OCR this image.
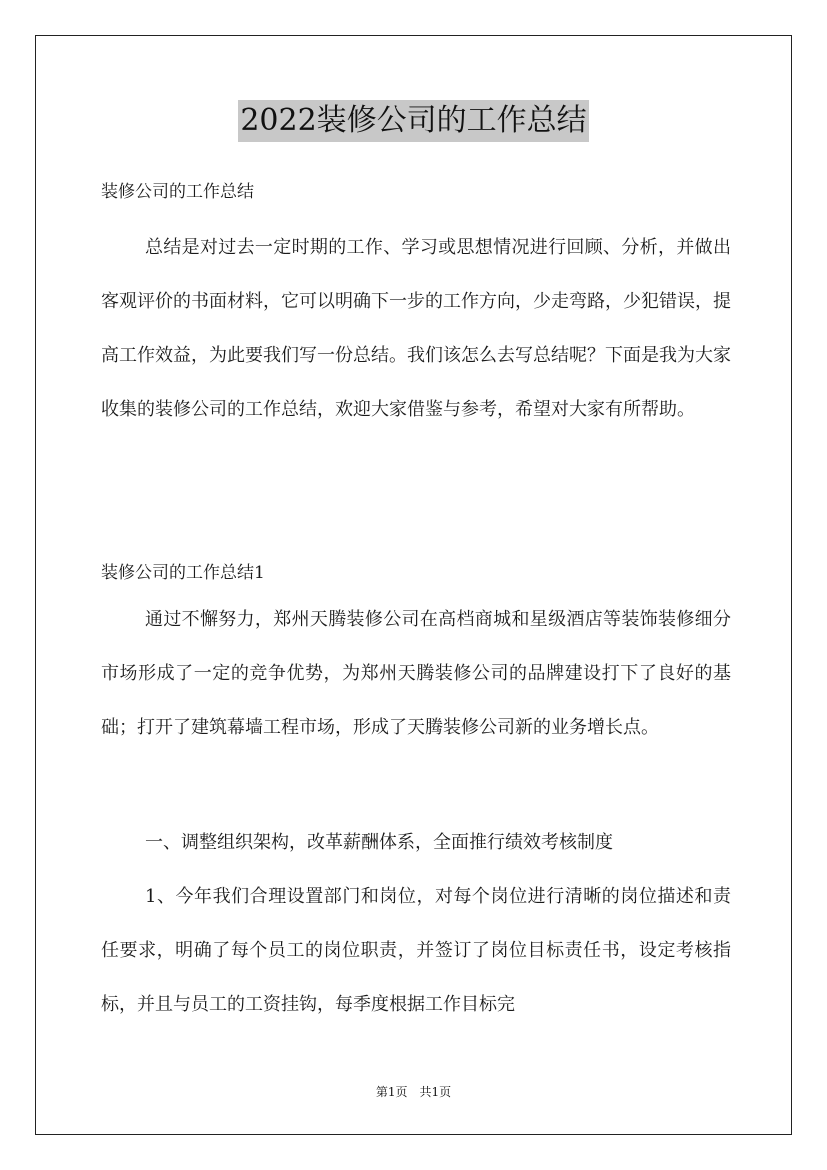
2022装修公司的工作总结

装修公司的工作总结

总结是对过去一定时期的工作、学习或思想情况进行回顾、分析，并做出客观评价的书面材料，它可以明确下一步的工作方向，少走弯路，少犯错误，提高工作效益，为此要我们写一份总结。我们该怎么去写总结呢？下面是我为大家收集的装修公司的工作总结，欢迎大家借鉴与参考，希望对大家有所帮助。

装修公司的工作总结1

通过不懈努力，郑州天腾装修公司在高档商城和星级酒店等装饰装修细分市场形成了一定的竞争优势，为郑州天腾装修公司的品牌建设打下了良好的基础；打开了建筑幕墙工程市场，形成了天腾装修公司新的业务增长点。

一、调整组织架构，改革薪酬体系，全面推行绩效考核制度

1、今年我们合理设置部门和岗位，对每个岗位进行清晰的岗位描述和责任要求，明确了每个员工的岗位职责，并签订了岗位目标责任书，设定考核指标，并且与员工的工资挂钩，每季度根据工作目标完

第1页 共1页
